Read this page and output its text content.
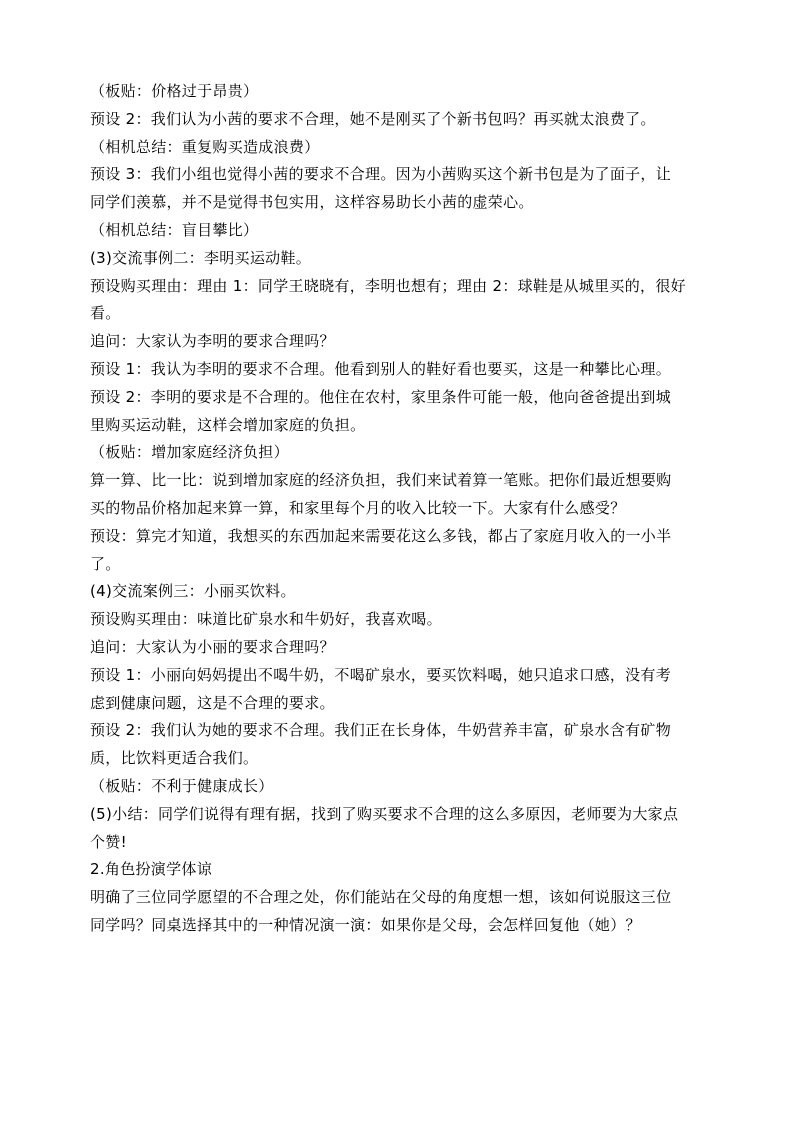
（板贴：价格过于昂贵）
预设 2：我们认为小茜的要求不合理，她不是刚买了个新书包吗？再买就太浪费了。
（相机总结：重复购买造成浪费）
预设 3：我们小组也觉得小茜的要求不合理。因为小茜购买这个新书包是为了面子，让
同学们羡慕，并不是觉得书包实用，这样容易助长小茜的虚荣心。
（相机总结：盲目攀比）
(3)交流事例二：李明买运动鞋。
预设购买理由：理由 1：同学王晓晓有，李明也想有；理由 2：球鞋是从城里买的，很好
看。
追问：大家认为李明的要求合理吗？
预设 1：我认为李明的要求不合理。他看到别人的鞋好看也要买，这是一种攀比心理。
预设 2：李明的要求是不合理的。他住在农村，家里条件可能一般，他向爸爸提出到城
里购买运动鞋，这样会增加家庭的负担。
（板贴：增加家庭经济负担）
算一算、比一比：说到增加家庭的经济负担，我们来试着算一笔账。把你们最近想要购
买的物品价格加起来算一算，和家里每个月的收入比较一下。大家有什么感受？
预设：算完才知道，我想买的东西加起来需要花这么多钱，都占了家庭月收入的一小半
了。
(4)交流案例三：小丽买饮料。
预设购买理由：味道比矿泉水和牛奶好，我喜欢喝。
追问：大家认为小丽的要求合理吗？
预设 1：小丽向妈妈提出不喝牛奶，不喝矿泉水，要买饮料喝，她只追求口感，没有考
虑到健康问题，这是不合理的要求。
预设 2：我们认为她的要求不合理。我们正在长身体，牛奶营养丰富，矿泉水含有矿物
质，比饮料更适合我们。
（板贴：不利于健康成长）
(5)小结：同学们说得有理有据，找到了购买要求不合理的这么多原因，老师要为大家点
个赞!
2.角色扮演学体谅
明确了三位同学愿望的不合理之处，你们能站在父母的角度想一想，该如何说服这三位
同学吗？同桌选择其中的一种情况演一演：如果你是父母，会怎样回复他（她）？
